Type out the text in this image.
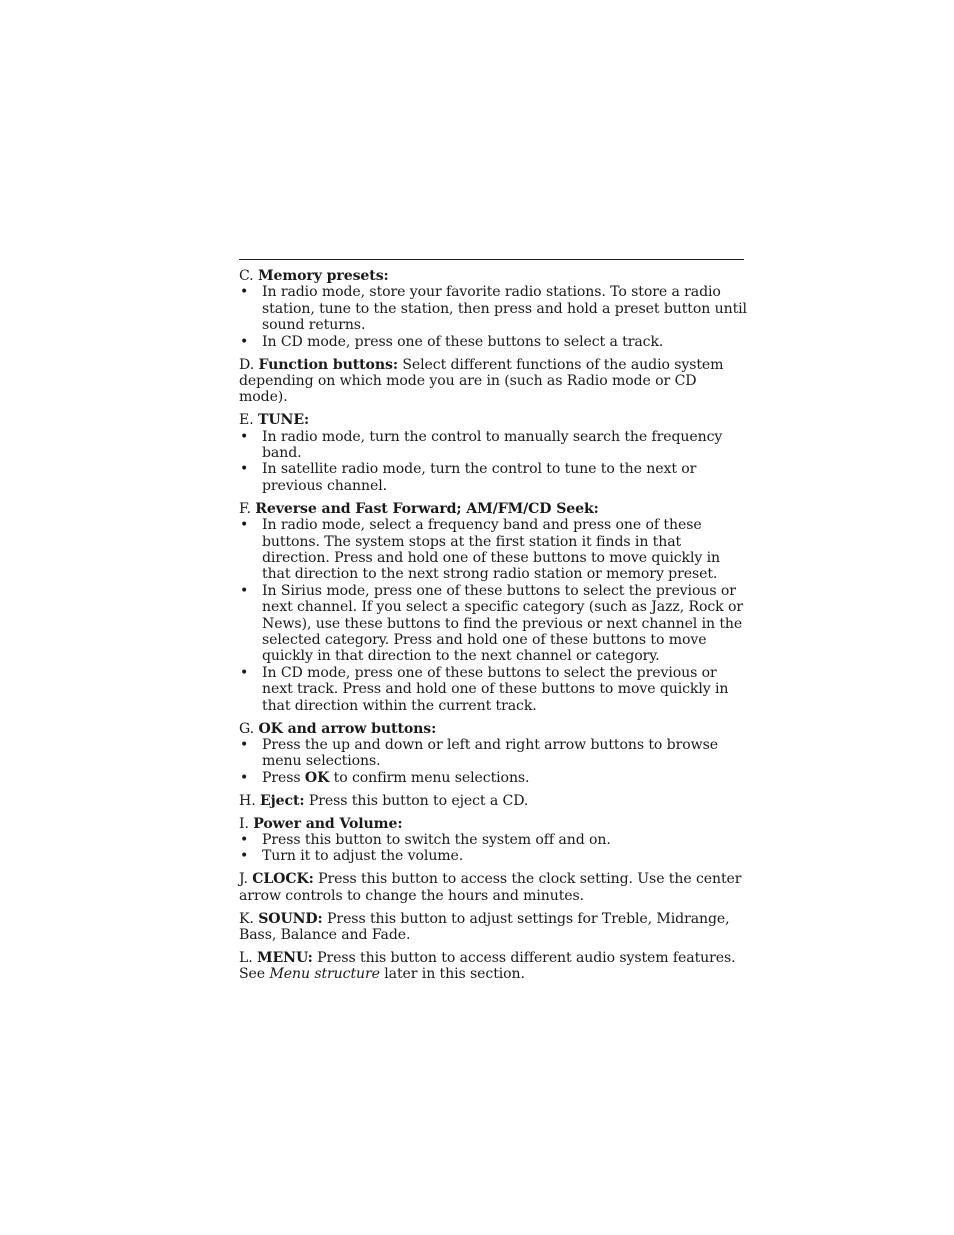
C. Memory presets:

• In radio mode, store your favorite radio stations. To store a radio station, tune to the station, then press and hold a preset button until sound returns.
• In CD mode, press one of these buttons to select a track.

D. Function buttons: Select different functions of the audio system depending on which mode you are in (such as Radio mode or CD mode).

E. TUNE:

• In radio mode, turn the control to manually search the frequency band.
• In satellite radio mode, turn the control to tune to the next or previous channel.

F. Reverse and Fast Forward; AM/FM/CD Seek:

• In radio mode, select a frequency band and press one of these buttons. The system stops at the first station it finds in that direction. Press and hold one of these buttons to move quickly in that direction to the next strong radio station or memory preset.
• In Sirius mode, press one of these buttons to select the previous or next channel. If you select a specific category (such as Jazz, Rock or News), use these buttons to find the previous or next channel in the selected category. Press and hold one of these buttons to move quickly in that direction to the next channel or category.
• In CD mode, press one of these buttons to select the previous or next track. Press and hold one of these buttons to move quickly in that direction within the current track.

G. OK and arrow buttons:

• Press the up and down or left and right arrow buttons to browse menu selections.
• Press OK to confirm menu selections.

H. Eject: Press this button to eject a CD.

I. Power and Volume:

• Press this button to switch the system off and on.
• Turn it to adjust the volume.

J. CLOCK: Press this button to access the clock setting. Use the center arrow controls to change the hours and minutes.

K. SOUND: Press this button to adjust settings for Treble, Midrange, Bass, Balance and Fade.

L. MENU: Press this button to access different audio system features. See Menu structure later in this section.
